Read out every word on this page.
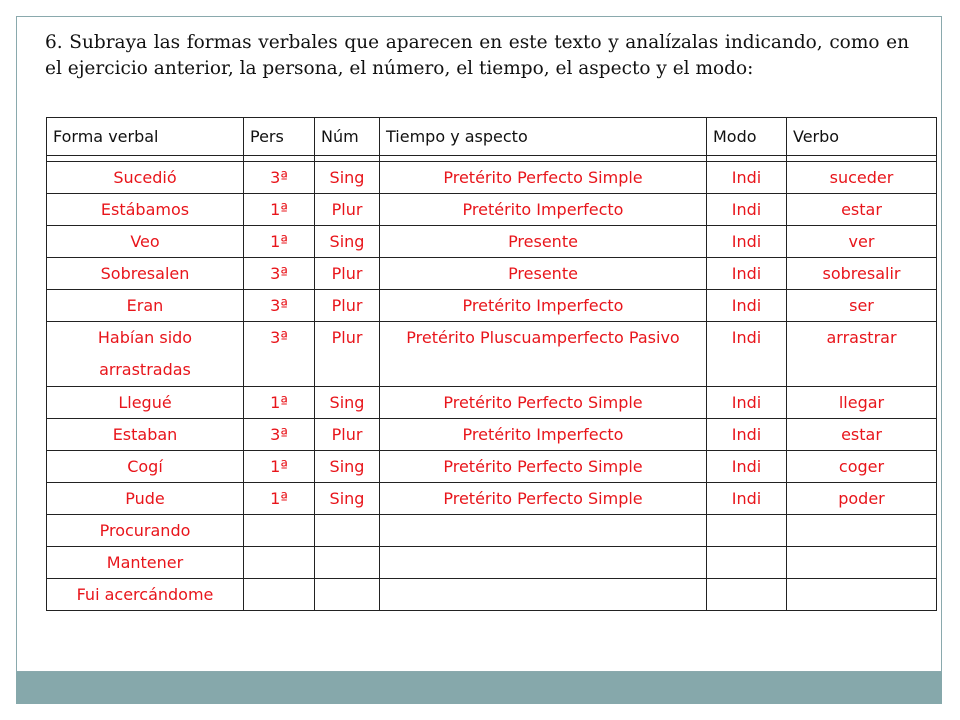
6. Subraya las formas verbales que aparecen en este texto y analízalas indicando, como en el ejercicio anterior, la persona, el número, el tiempo, el aspecto y el modo:

Forma verbal	Pers	Núm	Tiempo y aspecto	Modo	Verbo

Sucedió	3ª	Sing	Pretérito Perfecto Simple	Indi	suceder
Estábamos	1ª	Plur	Pretérito Imperfecto	Indi	estar
Veo	1ª	Sing	Presente	Indi	ver
Sobresalen	3ª	Plur	Presente	Indi	sobresalir
Eran	3ª	Plur	Pretérito Imperfecto	Indi	ser
Habían sido arrastradas	3ª	Plur	Pretérito Pluscuamperfecto Pasivo	Indi	arrastrar
Llegué	1ª	Sing	Pretérito Perfecto Simple	Indi	llegar
Estaban	3ª	Plur	Pretérito Imperfecto	Indi	estar
Cogí	1ª	Sing	Pretérito Perfecto Simple	Indi	coger
Pude	1ª	Sing	Pretérito Perfecto Simple	Indi	poder
Procurando					
Mantener					
Fui acercándome					
